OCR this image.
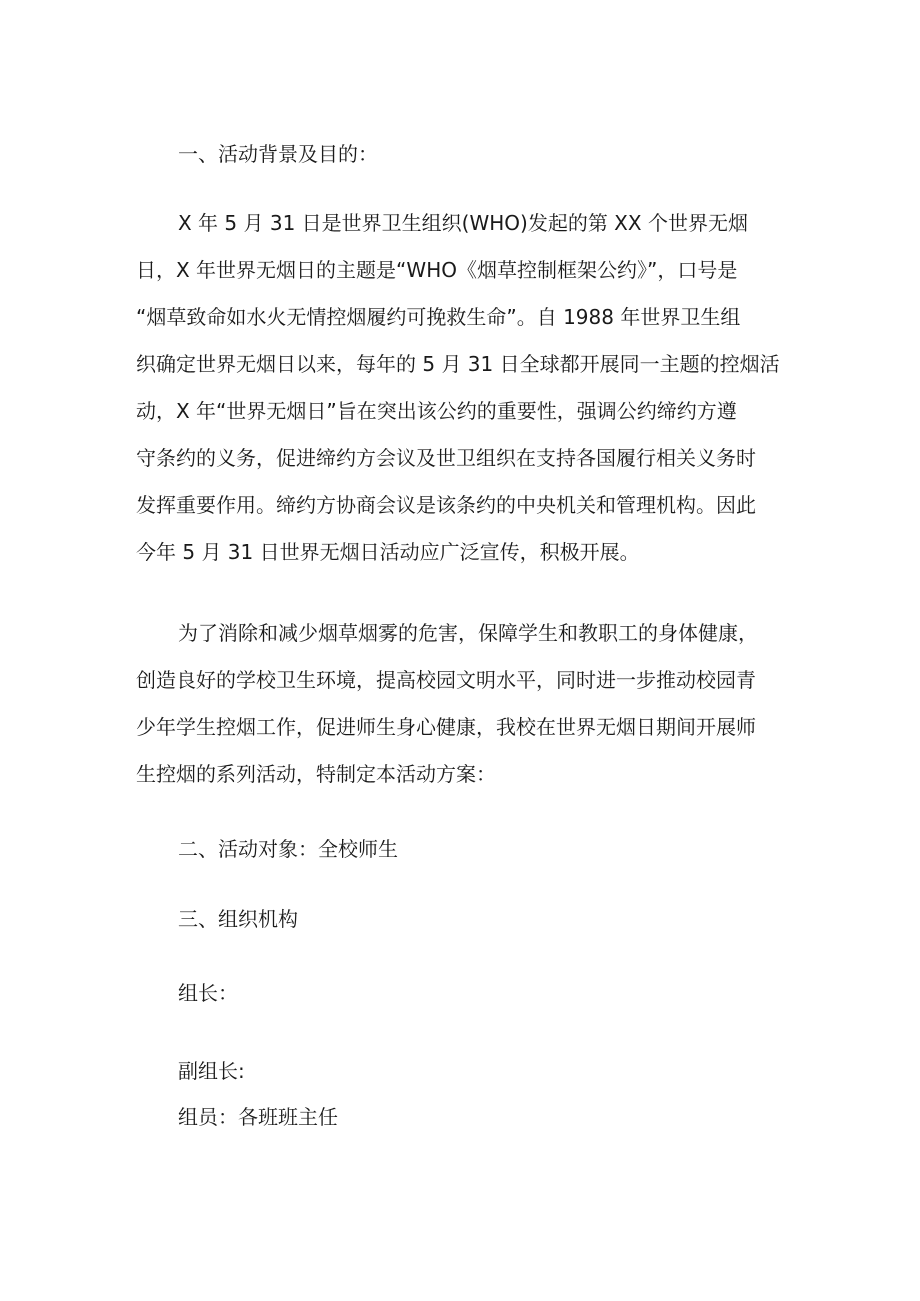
一、活动背景及目的：
X 年 5 月 31 日是世界卫生组织(WHO)发起的第 XX 个世界无烟
日，X 年世界无烟日的主题是“WHO《烟草控制框架公约》”，口号是
“烟草致命如水火无情控烟履约可挽救生命”。自 1988 年世界卫生组
织确定世界无烟日以来，每年的 5 月 31 日全球都开展同一主题的控烟活
动，X 年“世界无烟日”旨在突出该公约的重要性，强调公约缔约方遵
守条约的义务，促进缔约方会议及世卫组织在支持各国履行相关义务时
发挥重要作用。缔约方协商会议是该条约的中央机关和管理机构。因此
今年 5 月 31 日世界无烟日活动应广泛宣传，积极开展。
为了消除和减少烟草烟雾的危害，保障学生和教职工的身体健康，
创造良好的学校卫生环境，提高校园文明水平，同时进一步推动校园青
少年学生控烟工作，促进师生身心健康，我校在世界无烟日期间开展师
生控烟的系列活动，特制定本活动方案：
二、活动对象：全校师生
三、组织机构
组长：
副组长:
组员：各班班主任
